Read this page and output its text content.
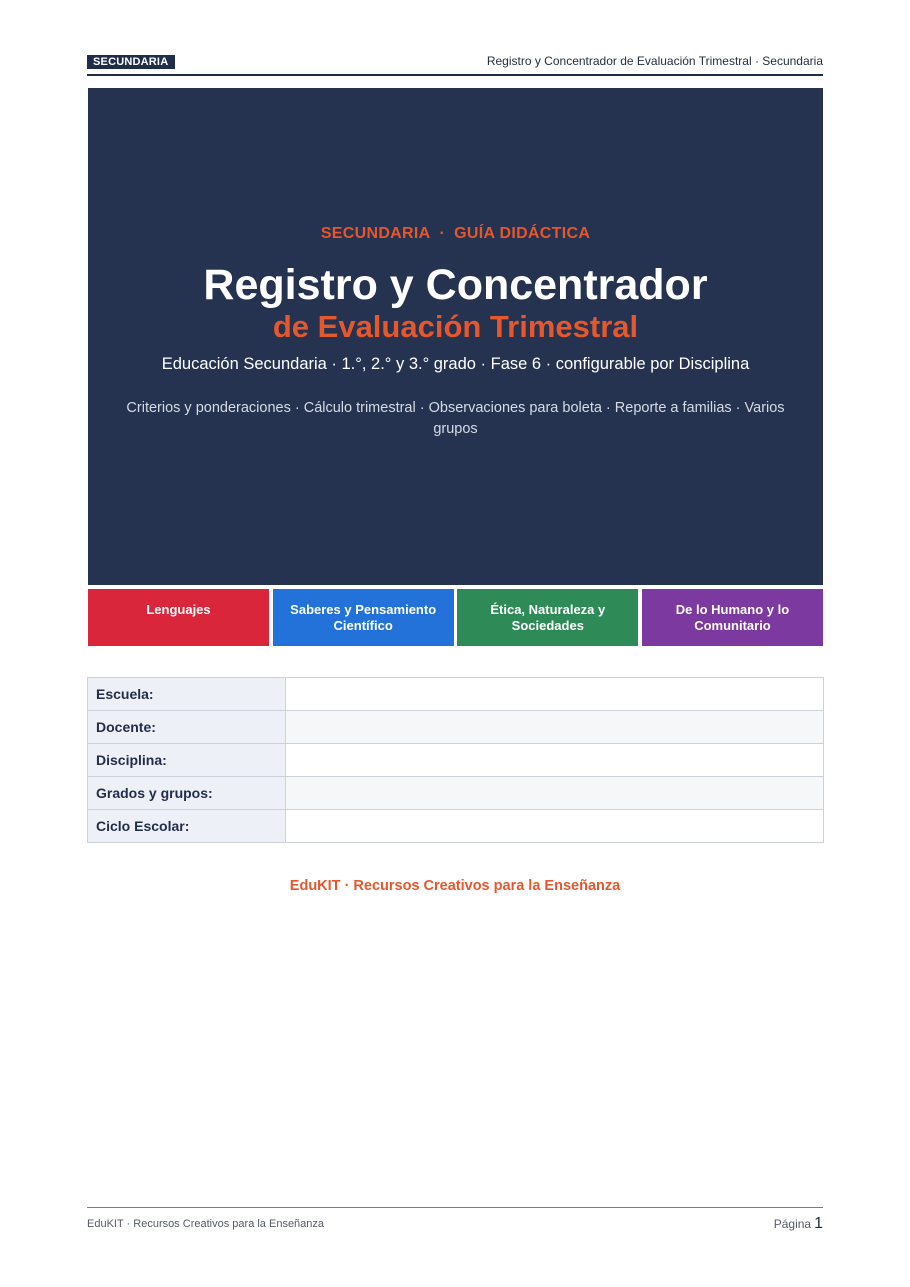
SECUNDARIA	Registro y Concentrador de Evaluación Trimestral · Secundaria
SECUNDARIA · GUÍA DIDÁCTICA
Registro y Concentrador
de Evaluación Trimestral
Educación Secundaria · 1.°, 2.° y 3.° grado · Fase 6 · configurable por Disciplina
Criterios y ponderaciones · Cálculo trimestral · Observaciones para boleta · Reporte a familias · Varios grupos
Lenguajes	Saberes y Pensamiento Científico
Ética, Naturaleza y Sociedades
De lo Humano y lo Comunitario
Escuela:	
Docente:	
Disciplina:	
Grados y grupos:	
Ciclo Escolar:	
EduKIT · Recursos Creativos para la Enseñanza
EduKIT · Recursos Creativos para la Enseñanza	Página 1
